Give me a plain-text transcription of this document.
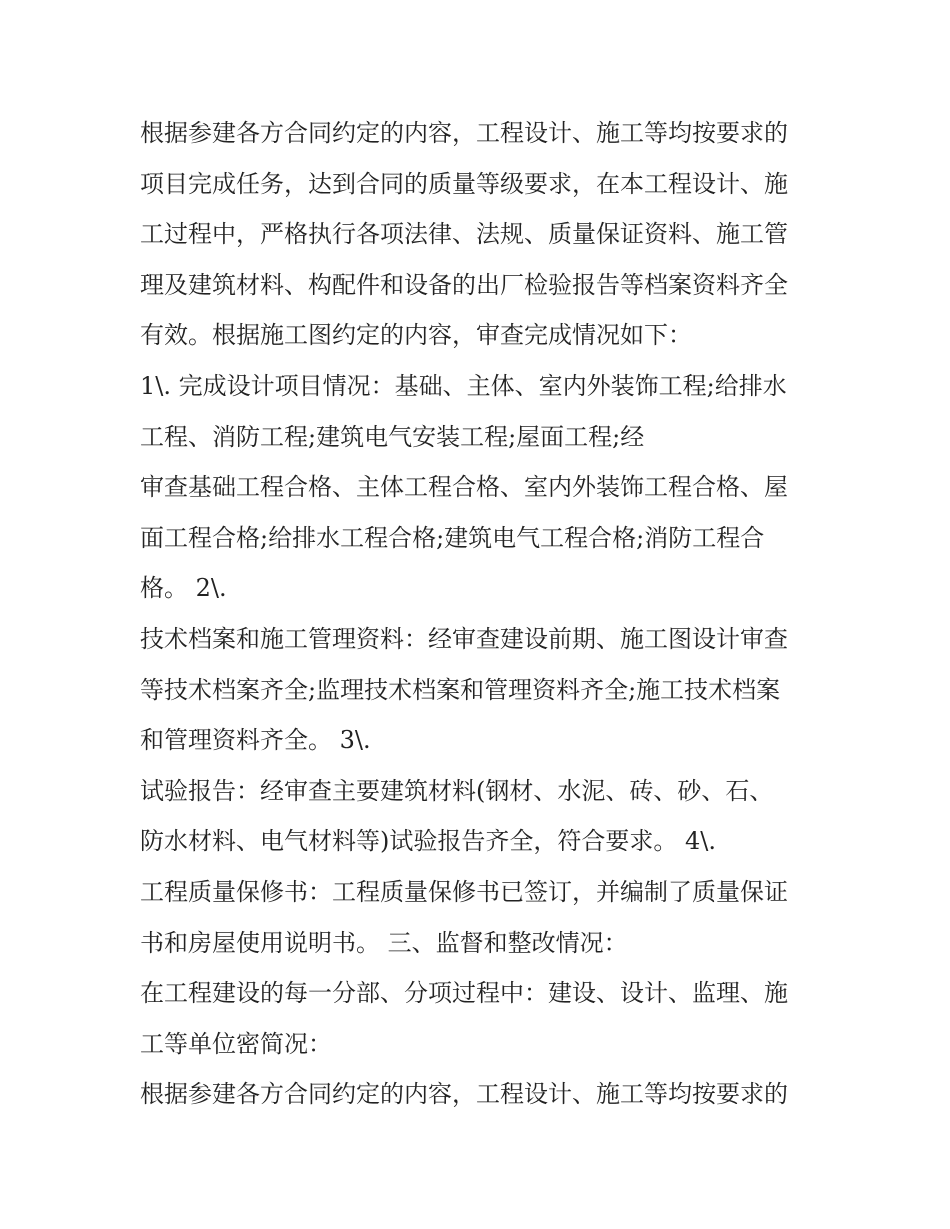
根据参建各方合同约定的内容，工程设计、施工等均按要求的
项目完成任务，达到合同的质量等级要求，在本工程设计、施
工过程中，严格执行各项法律、法规、质量保证资料、施工管
理及建筑材料、构配件和设备的出厂检验报告等档案资料齐全
有效。根据施工图约定的内容，审查完成情况如下：

1\. 完成设计项目情况：基础、主体、室内外装饰工程;给排水
工程、消防工程;建筑电气安装工程;屋面工程;经

审查基础工程合格、主体工程合格、室内外装饰工程合格、屋
面工程合格;给排水工程合格;建筑电气工程合格;消防工程合
格。 2\.

技术档案和施工管理资料：经审查建设前期、施工图设计审查
等技术档案齐全;监理技术档案和管理资料齐全;施工技术档案
和管理资料齐全。 3\.

试验报告：经审查主要建筑材料(钢材、水泥、砖、砂、石、
防水材料、电气材料等)试验报告齐全，符合要求。 4\.

工程质量保修书：工程质量保修书已签订，并编制了质量保证
书和房屋使用说明书。 三、监督和整改情况：

在工程建设的每一分部、分项过程中：建设、设计、监理、施
工等单位密简况：

根据参建各方合同约定的内容，工程设计、施工等均按要求的
